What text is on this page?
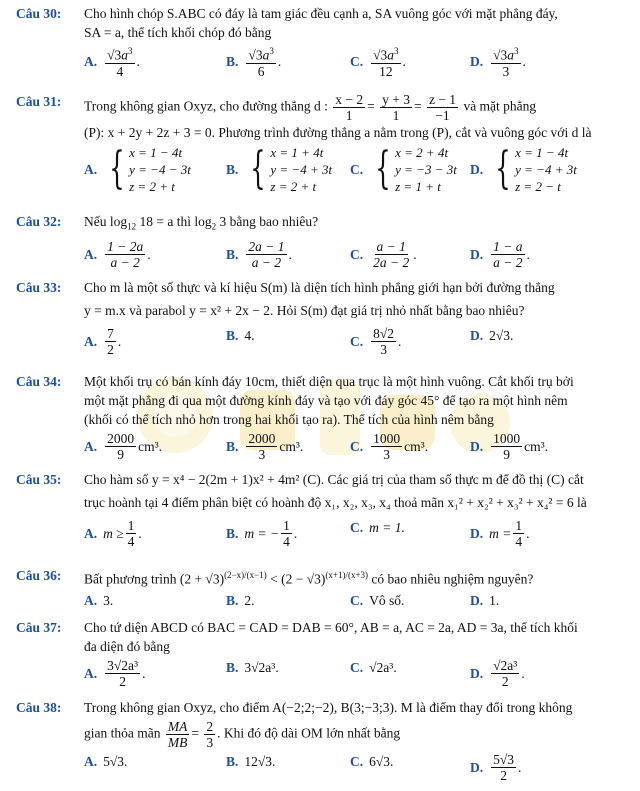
Câu 30: Cho hình chóp S.ABC có đáy là tam giác đều cạnh a, SA vuông góc với mặt phẳng đáy,

SA = a, thể tích khối chóp đó bằng

A. $\frac{√3a^3}{4}$ .	B. $\frac{√3a^3}{6}$ .	C. $\frac{√3a^3}{12}$ .	D. $\frac{√3a^3}{3}$ .
Câu 31: Trong không gian Oxyz, cho đường thẳng d : $\frac{x - 2}{1} = \frac{y + 3}{1} = \frac{z - 1}{-1}$ và mặt phẳng

(P): x + 2y + 2z + 3 = 0. Phương trình đường thẳng a nằm trong (P), cắt và vuông góc với d là

A. { x = 1 − 4t
y = −4 − 3t
z = 2 + t
B. { x = 1 + 4t
y = −4 + 3t
z = 2 + t
C. { x = 2 + 4t
y = −3 − 3t
z = 1 + t
D. { x = 1 − 4t
y = −4 + 3t
z = 2 − t
Câu 32: Nếu $\log_{12} 18 = a$ thì $\log_2 3$ bằng bao nhiêu?

A. $\frac{1 - 2a}{a - 2}$ .	B. $\frac{2a - 1}{a - 2}$ .	C. $\frac{a - 1}{2a - 2}$ .	D. $\frac{1 - a}{a - 2}$ .
Câu 33: Cho m là một số thực và kí hiệu S(m) là diện tích hình phẳng giới hạn bởi đường thẳng

y = m.x và parabol y = x² + 2x − 2. Hỏi S(m) đạt giá trị nhỏ nhất bằng bao nhiêu?

A. $\frac{7}{2}$ .	B. 4.	C. $\frac{8√2}{3}$ .	D. 2√3.
Câu 34: Một khối trụ có bán kính đáy 10cm, thiết diện qua trục là một hình vuông. Cắt khối trụ bởi

một mặt phẳng đi qua một đường kính đáy và tạo với đáy góc 45° để tạo ra một hình nêm

(khối có thể tích nhỏ hơn trong hai khối tạo ra). Thể tích của hình nêm bằng

A. $\frac{2000}{9} cm^3$.	B. $\frac{2000}{3} cm^3$.	C. $\frac{1000}{3} cm^3$.	D. $\frac{1000}{9} cm^3$.
Câu 35: Cho hàm số y = x⁴ − 2(2m + 1)x² + 4m² (C). Các giá trị của tham số thực m để đồ thị (C) cắt

trục hoành tại 4 điểm phân biệt có hoành độ x₁, x₂, x₃, x₄ thoả mãn x₁² + x₂² + x₃² + x₄² = 6 là

A. $m \ge \frac{1}{4}$ .	B. m = − $\frac{1}{4}$ .	C. m = 1.	D. $m = \frac{1}{4}$ .
Câu 36: Bất phương trình $(2 + √3)^{(2-x)/(x-1)} < (2 - √3)^{(x+1)/(x+3)}$ có bao nhiêu nghiệm nguyên?

A. 3.	B. 2.	C. Vô số.	D. 1.
Câu 37: Cho tứ diện ABCD có BAC = CAD = DAB = 60°, AB = a, AC = 2a, AD = 3a, thể tích khối

đa diện đó bằng

A. $\frac{\text{3√2a³}}{2}$ .	B. 3√2a³.	C. √2a³.	D. $\frac{\text{√2a³}}{2}$ .
Câu 38: Trong không gian Oxyz, cho điểm A(−2;2;−2), B(3;−3;3). M là điểm thay đổi trong không

gian thỏa mãn $\frac{MA}{MB} = \frac{2}{3}$ . Khi đó độ dài OM lớn nhất bằng

A. 5√3.	B. 12√3.	C. 6√3.	D. $\frac{5√3}{2}$ .
